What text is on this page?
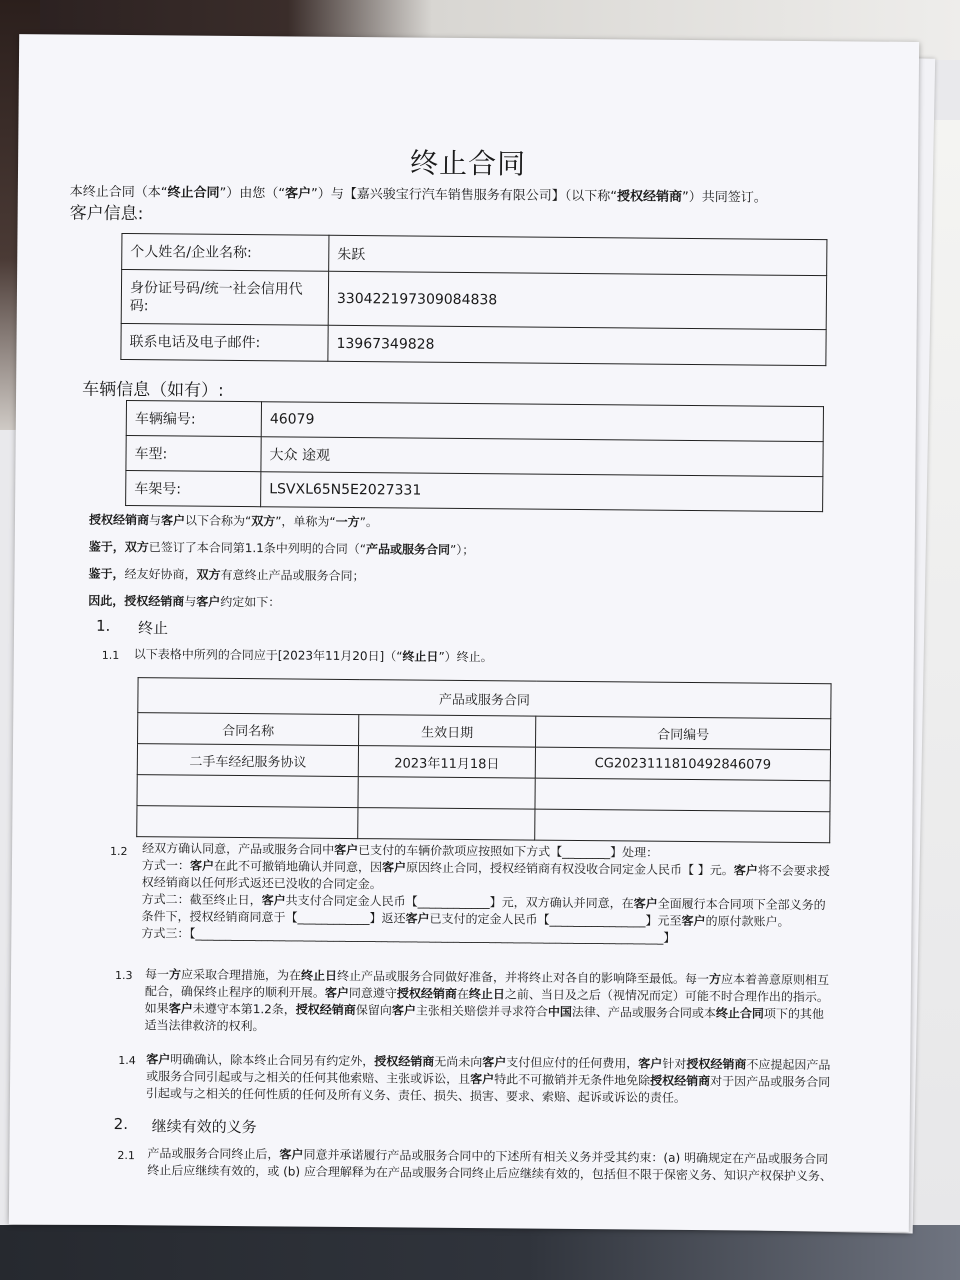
终止合同
本终止合同（本“终止合同”）由您（“客户”）与【嘉兴骏宝行汽车销售服务有限公司】（以下称“授权经销商”）共同签订。
客户信息:
个人姓名/企业名称:	朱跃
身份证号码/统一社会信用代码:	330422197309084838
联系电话及电子邮件:	13967349828
车辆信息（如有）:
车辆编号:	46079
车型:	大众 途观
车架号:	LSVXL65N5E2027331
授权经销商与客户以下合称为“双方”，单称为“一方”。
鉴于，双方已签订了本合同第1.1条中列明的合同（“产品或服务合同”）；
鉴于，经友好协商，双方有意终止产品或服务合同；
因此，授权经销商与客户约定如下：
1. 终止
1.1 以下表格中所列的合同应于[2023年11月20日]（“终止日”）终止。
产品或服务合同		
合同名称	生效日期	合同编号
二手车经纪服务协议	2023年11月18日	CG2023111810492846079

1.2 经双方确认同意，产品或服务合同中客户已支付的车辆价款项应按照如下方式【________】处理：
方式一：客户在此不可撤销地确认并同意，因客户原因终止合同，授权经销商有权没收合同定金人民币【 】元。客户将不会要求授权经销商以任何形式返还已没收的合同定金。
方式二：截至终止日，客户共支付合同定金人民币【____________】元，双方确认并同意，在客户全面履行本合同项下全部义务的条件下，授权经销商同意于【____________】返还客户已支付的定金人民币【________________】元至客户的原付款账户。
方式三：【______________________________________________________________________________】
1.3 每一方应采取合理措施，为在终止日终止产品或服务合同做好准备，并将终止对各自的影响降至最低。每一方应本着善意原则相互配合，确保终止程序的顺利开展。客户同意遵守授权经销商在终止日之前、当日及之后（视情况而定）可能不时合理作出的指示。如果客户未遵守本第1.2条，授权经销商保留向客户主张相关赔偿并寻求符合中国法律、产品或服务合同或本终止合同项下的其他适当法律救济的权利。
1.4 客户明确确认，除本终止合同另有约定外，授权经销商无尚未向客户支付但应付的任何费用，客户针对授权经销商不应提起因产品或服务合同引起或与之相关的任何其他索赔、主张或诉讼，且客户特此不可撤销并无条件地免除授权经销商对于因产品或服务合同引起或与之相关的任何性质的任何及所有义务、责任、损失、损害、要求、索赔、起诉或诉讼的责任。
2. 继续有效的义务
2.1 产品或服务合同终止后，客户同意并承诺履行产品或服务合同中的下述所有相关义务并受其约束：(a) 明确规定在产品或服务合同终止后应继续有效的，或 (b) 应合理解释为在产品或服务合同终止后应继续有效的，包括但不限于保密义务、知识产权保护义务、
